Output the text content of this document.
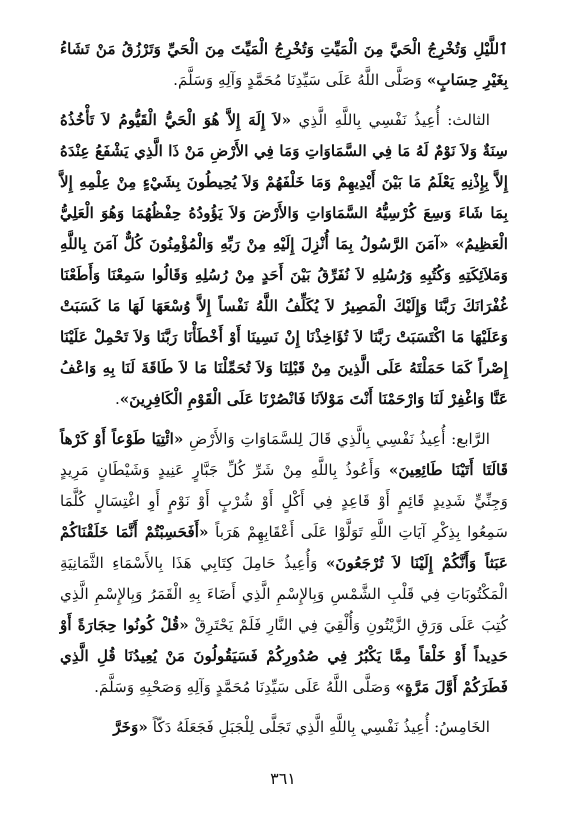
ٱللَّيْلِ وَتُخْرِجُ الْحَيَّ مِنَ الْمَيِّتِ وَتُخْرِجُ الْمَيِّتَ مِنَ الْحَيِّ وَتَرْزُقُ مَنْ تَشَاءُ بِغَيْرِ حِسَابٍ» وَصَلَّى اللَّهُ عَلَى سَيِّدِنَا مُحَمَّدٍ وَآلِهِ وَسَلَّمَ.

الثالث: أُعِيذُ نَفْسِي بِاللَّهِ الَّذِي «لاَ إِلَهَ إِلاَّ هُوَ الْحَيُّ الْقَيُّومُ لاَ تَأْخُذُهُ سِنَةٌ وَلاَ نَوْمٌ لَهُ مَا فِي السَّمَاوَاتِ وَمَا فِي الأَرْضِ مَنْ ذَا الَّذِي يَشْفَعُ عِنْدَهُ إِلاَّ بِإِذْنِهِ يَعْلَمُ مَا بَيْنَ أَيْدِيهِمْ وَمَا خَلْفَهُمْ وَلاَ يُحِيطُونَ بِشَيْءٍ مِنْ عِلْمِهِ إِلاَّ بِمَا شَاءَ وَسِعَ كُرْسِيُّهُ السَّمَاوَاتِ وَالأَرْضَ وَلاَ يَؤُودُهُ حِفْظُهُمَا وَهُوَ الْعَلِيُّ الْعَظِيمُ» «آمَنَ الرَّسُولُ بِمَا أُنْزِلَ إِلَيْهِ مِنْ رَبِّهِ وَالْمُؤْمِنُونَ كُلٌّ آمَنَ بِاللَّهِ وَمَلاَئِكَتِهِ وَكُتُبِهِ وَرُسُلِهِ لاَ نُفَرِّقُ بَيْنَ أَحَدٍ مِنْ رُسُلِهِ وَقَالُوا سَمِعْنَا وَأَطَعْنَا غُفْرَانَكَ رَبَّنَا وَإِلَيْكَ الْمَصِيرُ لاَ يُكَلِّفُ اللَّهُ نَفْساً إِلاَّ وُسْعَهَا لَهَا مَا كَسَبَتْ وَعَلَيْهَا مَا اكْتَسَبَتْ رَبَّنَا لاَ تُؤَاخِذْنَا إِنْ نَسِينَا أَوْ أَخْطَأْنَا رَبَّنَا وَلاَ تَحْمِلْ عَلَيْنَا إِصْراً كَمَا حَمَلْتَهُ عَلَى الَّذِينَ مِنْ قَبْلِنَا وَلاَ تُحَمِّلْنَا مَا لاَ طَاقَةَ لَنَا بِهِ وَاعْفُ عَنَّا وَاغْفِرْ لَنَا وَارْحَمْنَا أَنْتَ مَوْلاَنَا فَانْصُرْنَا عَلَى الْقَوْمِ الْكَافِرِينَ».

الرَّابع: أُعِيذُ نَفْسِي بِالَّذِي قَالَ لِلسَّمَاوَاتِ وَالأَرْضِ «ائْتِيَا طَوْعاً أَوْ كَرْهاً قَالَتَا أَتَيْنَا طَائِعِينَ» وَأَعُوذُ بِاللَّهِ مِنْ شَرِّ كُلِّ جَبَّارٍ عَنِيدٍ وَشَيْطَانٍ مَرِيدٍ وَجِنِّيٍّ شَدِيدٍ قَائِمٍ أَوْ قَاعِدٍ فِي أَكْلٍ أَوْ شُرْبٍ أَوْ نَوْمٍ أَوِ اغْتِسَالٍ كُلَّمَا سَمِعُوا بِذِكْرِ آيَاتِ اللَّهِ تَوَلَّوْا عَلَى أَعْقَابِهِمْ هَرَباً «أَفَحَسِبْتُمْ أَنَّمَا خَلَقْنَاكُمْ عَبَثاً وَأَنَّكُمْ إِلَيْنَا لاَ تُرْجَعُونَ» وَأُعِيذُ حَامِلَ كِتَابِي هَذَا بِالأَسْمَاءِ الثَّمَانِيَةِ الْمَكْتُوبَاتِ فِي قَلْبِ الشَّمْسِ وَبِالإِسْمِ الَّذِي أَضَاءَ بِهِ الْقَمَرُ وَبِالإِسْمِ الَّذِي كُتِبَ عَلَى وَرَقِ الزَّيْتُونِ وَأُلْقِيَ فِي النَّارِ فَلَمْ يَحْتَرِقْ «قُلْ كُونُوا حِجَارَةً أَوْ حَدِيداً أَوْ خَلْقاً مِمَّا يَكْبُرُ فِي صُدُورِكُمْ فَسَيَقُولُونَ مَنْ يُعِيدُنَا قُلِ الَّذِي فَطَرَكُمْ أَوَّلَ مَرَّةٍ» وَصَلَّى اللَّهُ عَلَى سَيِّدِنَا مُحَمَّدٍ وَآلِهِ وَصَحْبِهِ وَسَلَّمَ.

الخَامِسُ: أُعِيذُ نَفْسِي بِاللَّهِ الَّذِي تَجَلَّى لِلْجَبَلِ فَجَعَلَهُ دَكّاً «وَخَرَّ

٣٦١
